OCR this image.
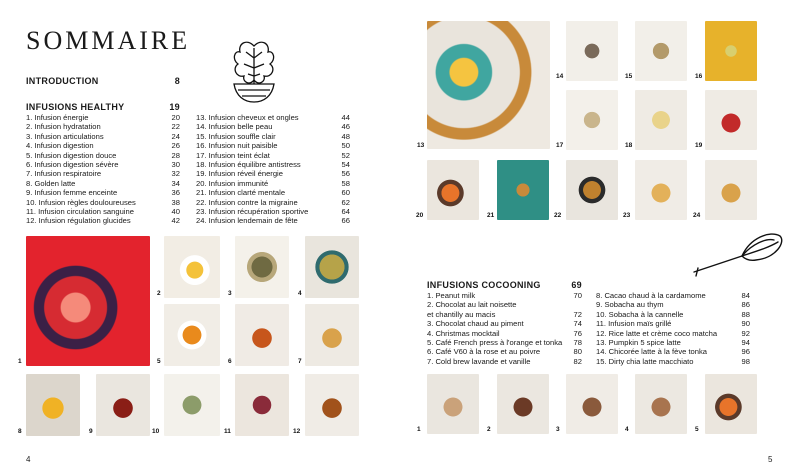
SOMMAIRE
INTRODUCTION	8
INFUSIONS HEALTHY	19
1. Infusion énergie	20
2. Infusion hydratation	22
3. Infusion articulations	24
4. Infusion digestion	26
5. Infusion digestion douce	28
6. Infusion digestion sévère	30
7. Infusion respiratoire	32
8. Golden latte	34
9. Infusion femme enceinte	36
10. Infusion règles douloureuses	38
11. Infusion circulation sanguine	40
12. Infusion régulation glucides	42
13. Infusion cheveux et ongles	44
14. Infusion belle peau	46
15. Infusion souffle clair	48
16. Infusion nuit paisible	50
17. Infusion teint éclat	52
18. Infusion équilibre antistress	54
19. Infusion réveil énergie	56
20. Infusion immunité	58
21. Infusion clarté mentale	60
22. Infusion contre la migraine	62
23. Infusion récupération sportive	64
24. Infusion lendemain de fête	66
1
2	3	4
5	6	7
8	9	10	11	12
4
13
14	15	16
17	18	19
20	21	22	23	24
INFUSIONS COCOONING	69
1. Peanut milk	70
2. Chocolat au lait noisette
et chantilly au macis	72
3. Chocolat chaud au piment	74
4. Christmas mocktail	76
5. Café French press à l'orange et tonka 78
6. Café V60 à la rose et au poivre	80
7. Cold brew lavande et vanille	82
8. Cacao chaud à la cardamome	84
9. Sobacha au thym	86
10. Sobacha à la cannelle	88
11. Infusion maïs grillé	90
12. Rice latte et crème coco matcha	92
13. Pumpkin 5 spice latte	94
14. Chicorée latte à la fève tonka	96
15. Dirty chia latte macchiato	98
1	2	3	4	5
5
